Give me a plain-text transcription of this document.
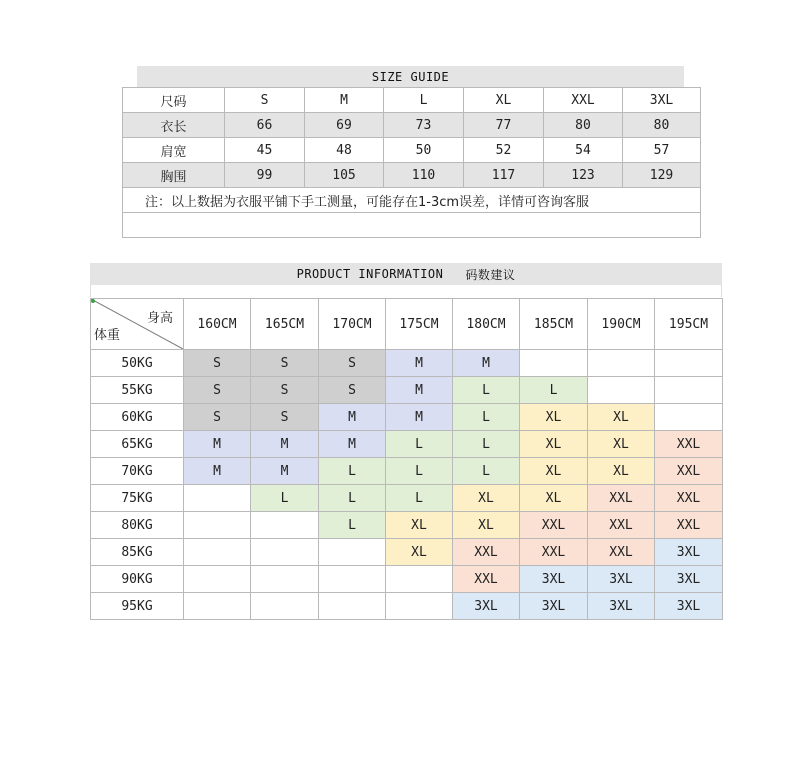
SIZE GUIDE
尺码	S	M	L	XL	XXL	3XL
衣长	66	69	73	77	80	80
肩宽	45	48	50	52	54	57
胸围	99	105	110	117	123	129
注：以上数据为衣服平铺下手工测量，可能存在1-3cm误差，详情可咨询客服						

PRODUCT INFORMATION 码数建议
身高
体重	160CM	165CM	170CM	175CM	180CM	185CM	190CM	195CM
50KG	S	S	S	M	M			
55KG	S	S	S	M	L	L		
60KG	S	S	M	M	L	XL	XL	
65KG	M	M	M	L	L	XL	XL	XXL
70KG	M	M	L	L	L	XL	XL	XXL
75KG		L	L	L	XL	XL	XXL	XXL
80KG			L	XL	XL	XXL	XXL	XXL
85KG				XL	XXL	XXL	XXL	3XL
90KG					XXL	3XL	3XL	3XL
95KG					3XL	3XL	3XL	3XL
